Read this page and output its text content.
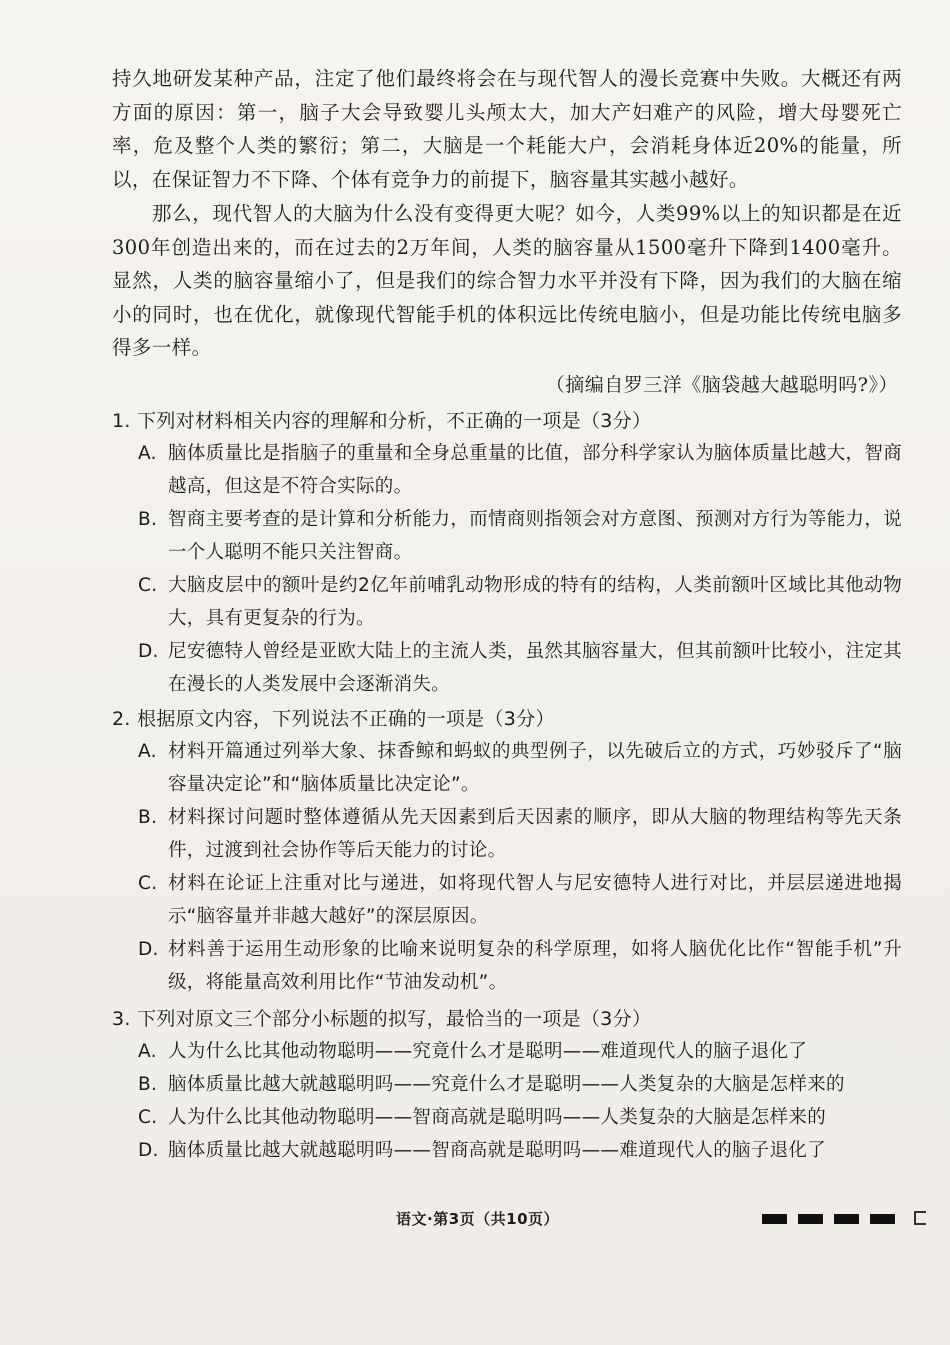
持久地研发某种产品，注定了他们最终将会在与现代智人的漫长竞赛中失败。大概还有两方面的原因：第一，脑子大会导致婴儿头颅太大，加大产妇难产的风险，增大母婴死亡率，危及整个人类的繁衍；第二，大脑是一个耗能大户，会消耗身体近20%的能量，所以，在保证智力不下降、个体有竞争力的前提下，脑容量其实越小越好。

那么，现代智人的大脑为什么没有变得更大呢？如今，人类99%以上的知识都是在近300年创造出来的，而在过去的2万年间，人类的脑容量从1500毫升下降到1400毫升。显然，人类的脑容量缩小了，但是我们的综合智力水平并没有下降，因为我们的大脑在缩小的同时，也在优化，就像现代智能手机的体积远比传统电脑小，但是功能比传统电脑多得多一样。

（摘编自罗三洋《脑袋越大越聪明吗?》）

1. 下列对材料相关内容的理解和分析，不正确的一项是（3分）

A. 脑体质量比是指脑子的重量和全身总重量的比值，部分科学家认为脑体质量比越大，智商越高，但这是不符合实际的。
B. 智商主要考查的是计算和分析能力，而情商则指领会对方意图、预测对方行为等能力，说一个人聪明不能只关注智商。
C. 大脑皮层中的额叶是约2亿年前哺乳动物形成的特有的结构，人类前额叶区域比其他动物大，具有更复杂的行为。
D. 尼安德特人曾经是亚欧大陆上的主流人类，虽然其脑容量大，但其前额叶比较小，注定其在漫长的人类发展中会逐渐消失。

2. 根据原文内容，下列说法不正确的一项是（3分）

A. 材料开篇通过列举大象、抹香鲸和蚂蚁的典型例子，以先破后立的方式，巧妙驳斥了“脑容量决定论”和“脑体质量比决定论”。
B. 材料探讨问题时整体遵循从先天因素到后天因素的顺序，即从大脑的物理结构等先天条件，过渡到社会协作等后天能力的讨论。
C. 材料在论证上注重对比与递进，如将现代智人与尼安德特人进行对比，并层层递进地揭示“脑容量并非越大越好”的深层原因。
D. 材料善于运用生动形象的比喻来说明复杂的科学原理，如将人脑优化比作“智能手机”升级，将能量高效利用比作“节油发动机”。

3. 下列对原文三个部分小标题的拟写，最恰当的一项是（3分）

A. 人为什么比其他动物聪明——究竟什么才是聪明——难道现代人的脑子退化了
B. 脑体质量比越大就越聪明吗——究竟什么才是聪明——人类复杂的大脑是怎样来的
C. 人为什么比其他动物聪明——智商高就是聪明吗——人类复杂的大脑是怎样来的
D. 脑体质量比越大就越聪明吗——智商高就是聪明吗——难道现代人的脑子退化了
语文·第3页（共10页）
